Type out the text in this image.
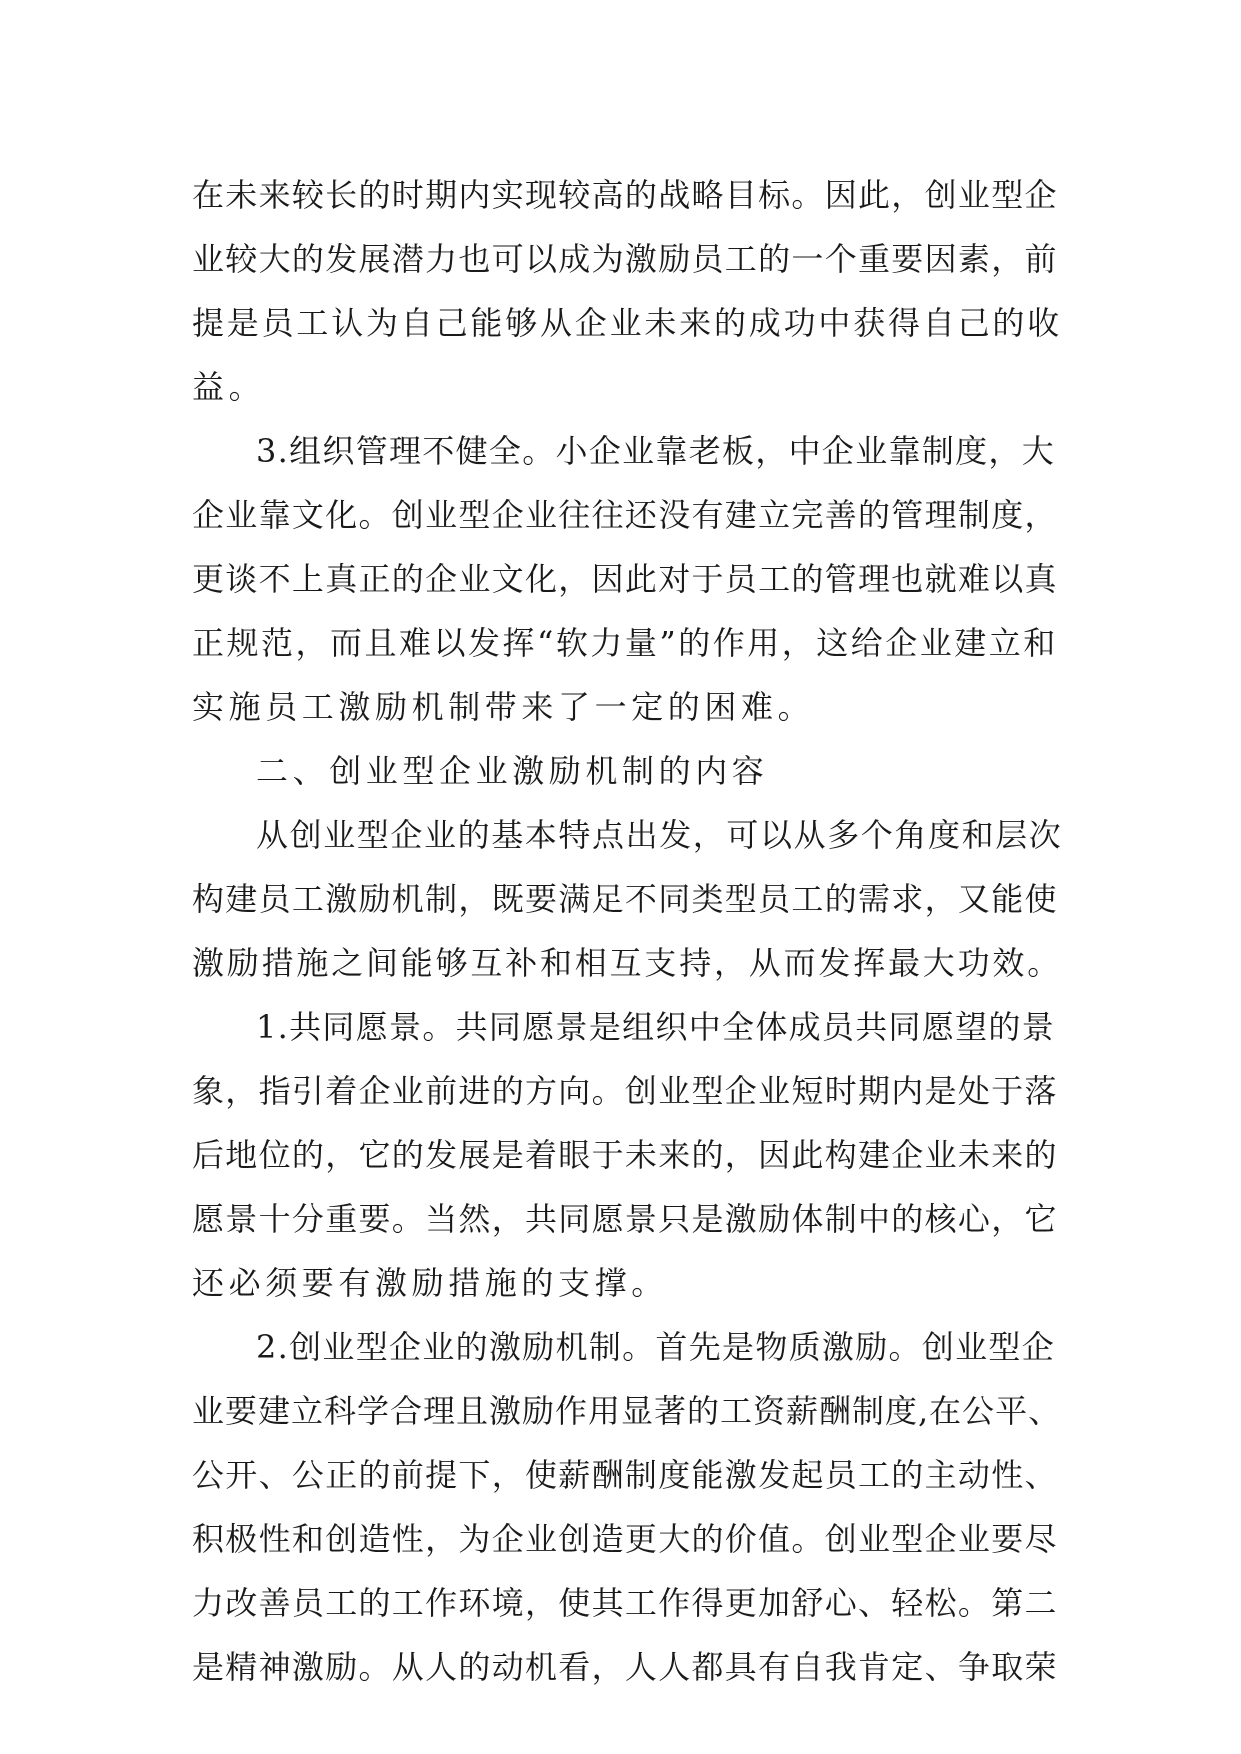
在未来较长的时期内实现较高的战略目标。因此，创业型企
业较大的发展潜力也可以成为激励员工的一个重要因素，前
提是员工认为自己能够从企业未来的成功中获得自己的收
益。
3.组织管理不健全。小企业靠老板，中企业靠制度，大
企业靠文化。创业型企业往往还没有建立完善的管理制度，
更谈不上真正的企业文化，因此对于员工的管理也就难以真
正规范，而且难以发挥“软力量”的作用，这给企业建立和
实施员工激励机制带来了一定的困难。
二、创业型企业激励机制的内容
从创业型企业的基本特点出发，可以从多个角度和层次
构建员工激励机制，既要满足不同类型员工的需求，又能使
激励措施之间能够互补和相互支持，从而发挥最大功效。
1.共同愿景。共同愿景是组织中全体成员共同愿望的景
象，指引着企业前进的方向。创业型企业短时期内是处于落
后地位的，它的发展是着眼于未来的，因此构建企业未来的
愿景十分重要。当然，共同愿景只是激励体制中的核心，它
还必须要有激励措施的支撑。
2.创业型企业的激励机制。首先是物质激励。创业型企
业要建立科学合理且激励作用显著的工资薪酬制度,在公平、
公开、公正的前提下，使薪酬制度能激发起员工的主动性、
积极性和创造性，为企业创造更大的价值。创业型企业要尽
力改善员工的工作环境，使其工作得更加舒心、轻松。第二
是精神激励。从人的动机看，人人都具有自我肯定、争取荣
